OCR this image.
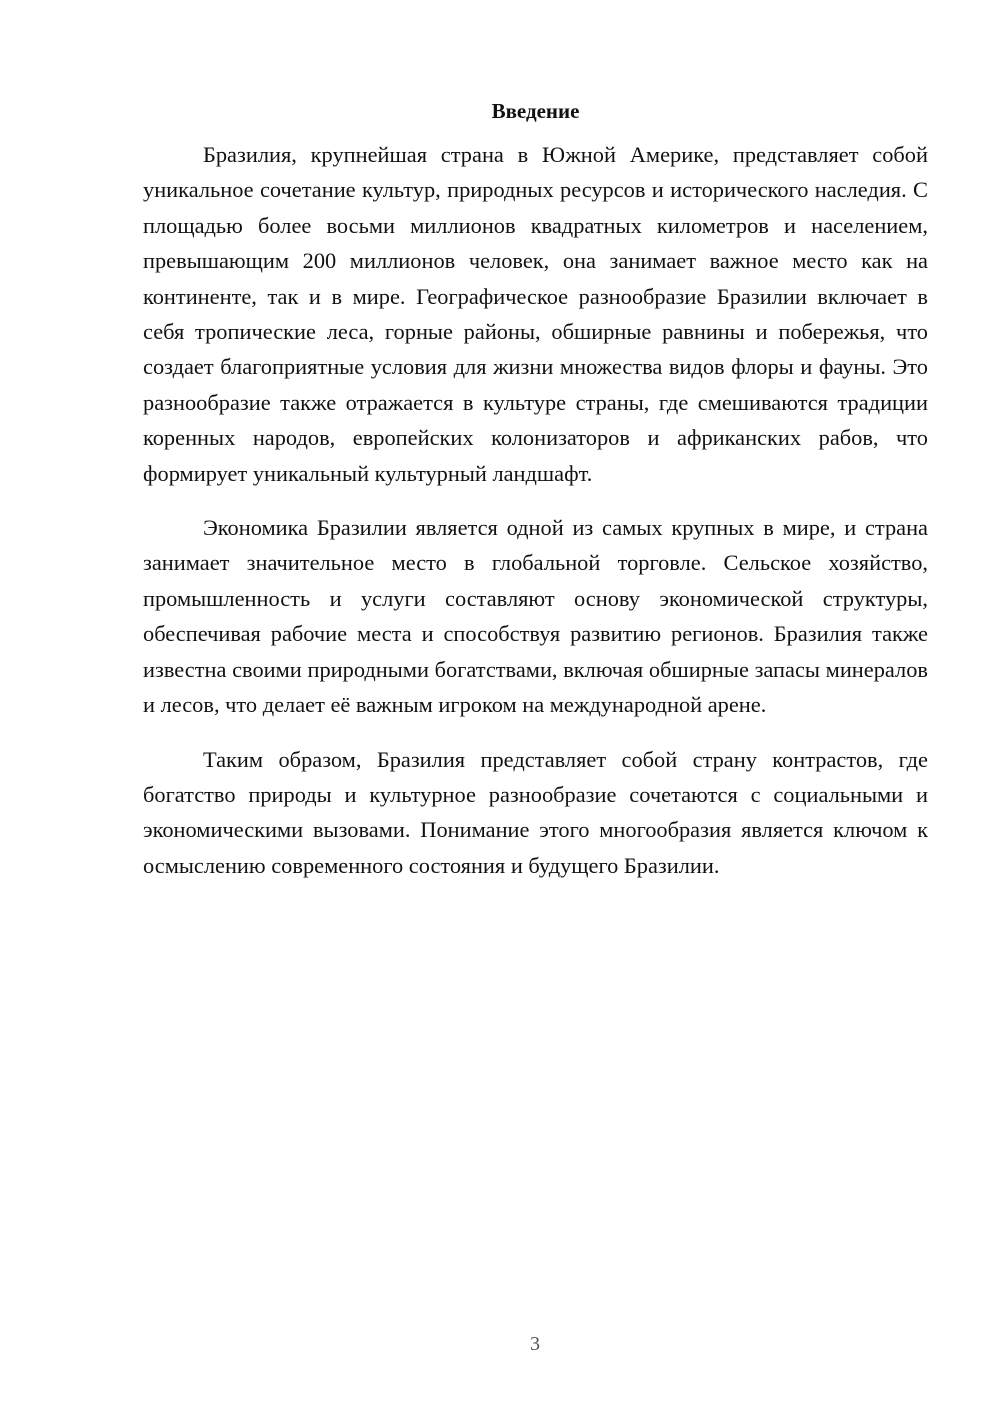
Введение

Бразилия, крупнейшая страна в Южной Америке, представляет собой уникальное сочетание культур, природных ресурсов и исторического наследия. С площадью более восьми миллионов квадратных километров и населением, превышающим 200 миллионов человек, она занимает важное место как на континенте, так и в мире. Географическое разнообразие Бразилии включает в себя тропические леса, горные районы, обширные равнины и побережья, что создает благоприятные условия для жизни множества видов флоры и фауны. Это разнообразие также отражается в культуре страны, где смешиваются традиции коренных народов, европейских колонизаторов и африканских рабов, что формирует уникальный культурный ландшафт.

Экономика Бразилии является одной из самых крупных в мире, и страна занимает значительное место в глобальной торговле. Сельское хозяйство, промышленность и услуги составляют основу экономической структуры, обеспечивая рабочие места и способствуя развитию регионов. Бразилия также известна своими природными богатствами, включая обширные запасы минералов и лесов, что делает её важным игроком на международной арене.

Таким образом, Бразилия представляет собой страну контрастов, где богатство природы и культурное разнообразие сочетаются с социальными и экономическими вызовами. Понимание этого многообразия является ключом к осмыслению современного состояния и будущего Бразилии.

3
